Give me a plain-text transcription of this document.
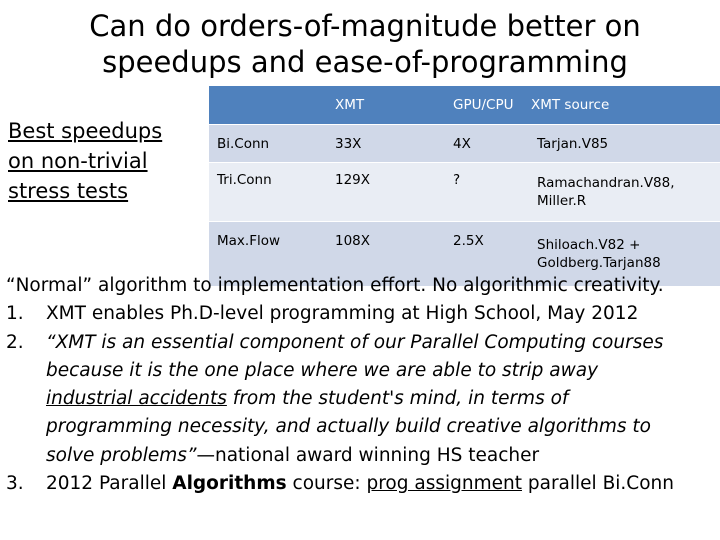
Can do orders-of-magnitude better on
speedups and ease-of-programming
Best speedups
on non-trivial
stress tests
	XMT	GPU/CPU	XMT source
Bi.Conn	33X	4X	Tarjan.V85

Tri.Conn	129X	?	Ramachandran.V88,
Miller.R

Max.Flow	108X	2.5X	Shiloach.V82 +
Goldberg.Tarjan88
“Normal” algorithm to implementation effort. No algorithmic creativity.
1. XMT enables Ph.D-level programming at High School, May 2012
2. “XMT is an essential component of our Parallel Computing courses
because it is the one place where we are able to strip away
industrial accidents from the student's mind, in terms of
programming necessity, and actually build creative algorithms to
solve problems”—national award winning HS teacher
3. 2012 Parallel Algorithms course: prog assignment parallel Bi.Conn
